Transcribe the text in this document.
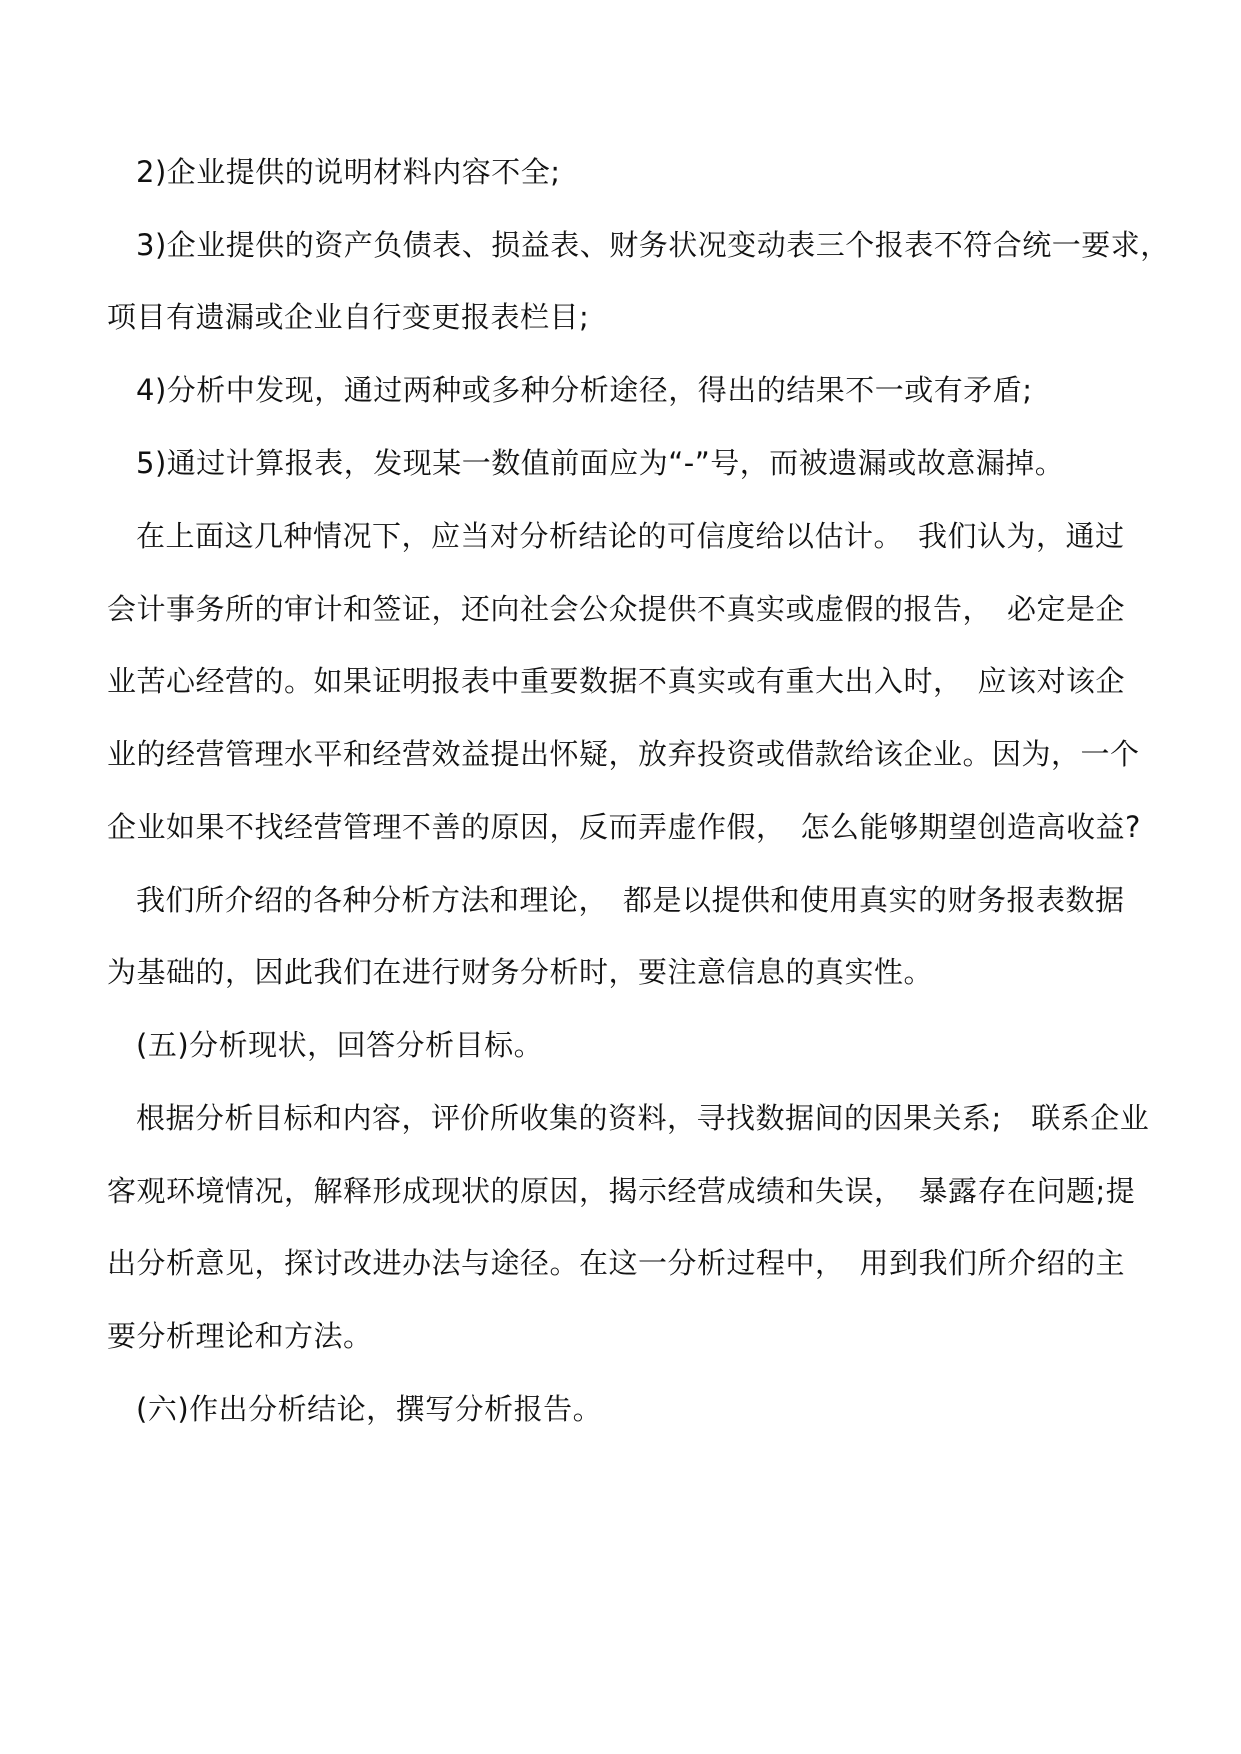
2)企业提供的说明材料内容不全;
3)企业提供的资产负债表、损益表、财务状况变动表三个报表不符合统一要求，
项目有遗漏或企业自行变更报表栏目;
4)分析中发现，通过两种或多种分析途径，得出的结果不一或有矛盾;
5)通过计算报表，发现某一数值前面应为“-”号，而被遗漏或故意漏掉。
在上面这几种情况下，应当对分析结论的可信度给以估计。　我们认为，通过
会计事务所的审计和签证，还向社会公众提供不真实或虚假的报告，　必定是企
业苦心经营的。如果证明报表中重要数据不真实或有重大出入时，　应该对该企
业的经营管理水平和经营效益提出怀疑，放弃投资或借款给该企业。因为，一个
企业如果不找经营管理不善的原因，反而弄虚作假，　怎么能够期望创造高收益?
我们所介绍的各种分析方法和理论，　都是以提供和使用真实的财务报表数据
为基础的，因此我们在进行财务分析时，要注意信息的真实性。
(五)分析现状，回答分析目标。
根据分析目标和内容，评价所收集的资料，寻找数据间的因果关系;　联系企业
客观环境情况，解释形成现状的原因，揭示经营成绩和失误，　暴露存在问题;提
出分析意见，探讨改进办法与途径。在这一分析过程中，　用到我们所介绍的主
要分析理论和方法。
(六)作出分析结论，撰写分析报告。
